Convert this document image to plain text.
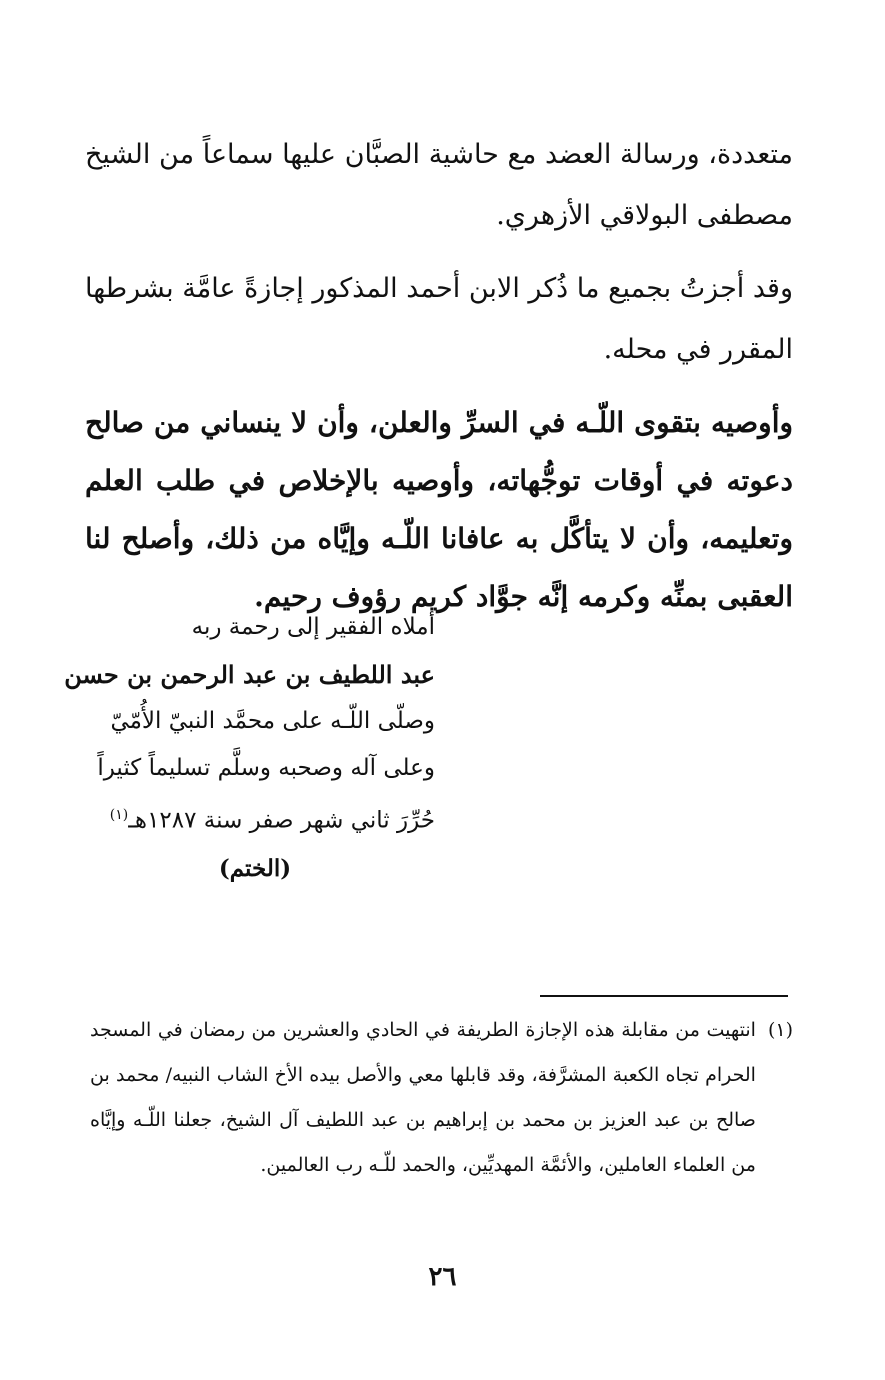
متعددة، ورسالة العضد مع حاشية الصبَّان عليها سماعاً من الشيخ مصطفى البولاقي الأزهري.

وقد أجزتُ بجميع ما ذُكر الابن أحمد المذكور إجازةً عامَّة بشرطها المقرر في محله.

وأوصيه بتقوى اللّـه في السرِّ والعلن، وأن لا ينساني من صالح دعوته في أوقات توجُّهاته، وأوصيه بالإخلاص في طلب العلم وتعليمه، وأن لا يتأكَّل به عافانا اللّـه وإيَّاه من ذلك، وأصلح لنا العقبى بمنِّه وكرمه إنَّه جوَّاد كريم رؤوف رحيم.

أملاه الفقير إلى رحمة ربه
عبد اللطيف بن عبد الرحمن بن حسن
وصلّى اللّـه على محمَّد النبيّ الأُمّيّ
وعلى آله وصحبه وسلَّم تسليماً كثيراً
حُرِّرَ ثاني شهر صفر سنة ١٢٨٧هـ$^{(١)}$
(الختم)
(١)
انتهيت من مقابلة هذه الإجازة الطريفة في الحادي والعشرين من رمضان في المسجد الحرام تجاه الكعبة المشرَّفة، وقد قابلها معي والأصل بيده الأخ الشاب النبيه/ محمد بن صالح بن عبد العزيز بن محمد بن إبراهيم بن عبد اللطيف آل الشيخ، جعلنا اللّـه وإيَّاه من العلماء العاملين، والأئمَّة المهديِّين، والحمد للّـه رب العالمين.
٢٦
